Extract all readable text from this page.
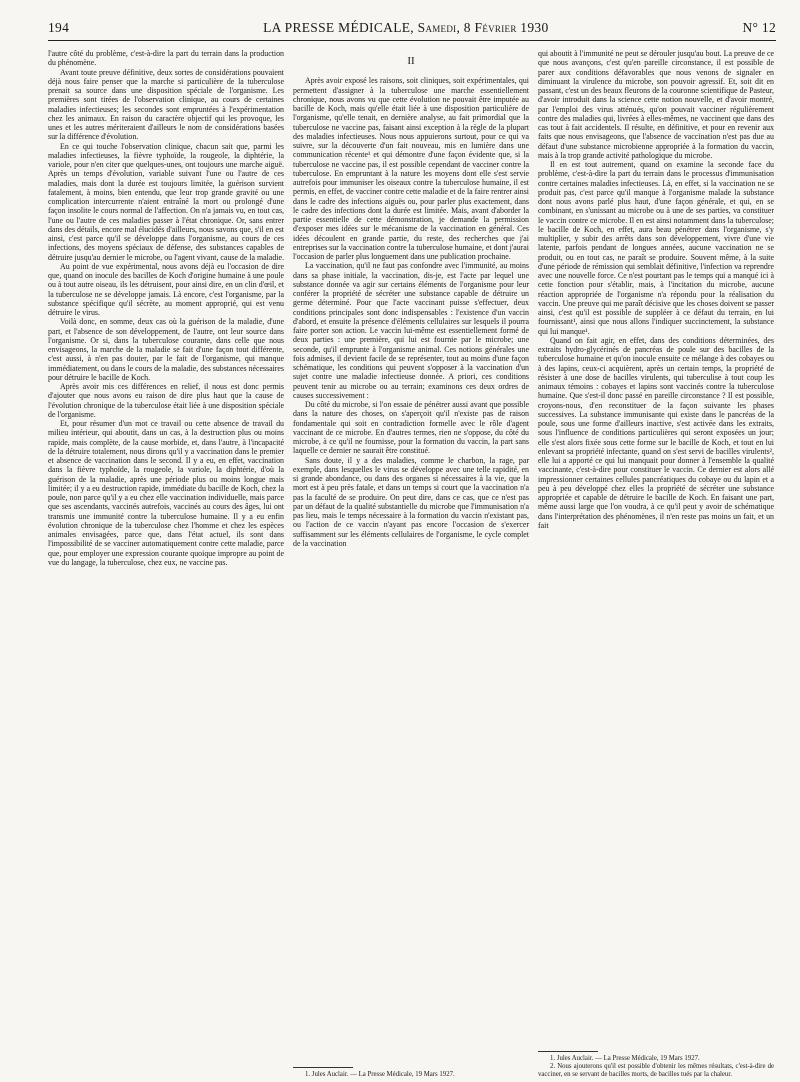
194	LA PRESSE MÉDICALE, Samedi, 8 Février 1930	N° 12

l'autre côté du problème, c'est-à-dire la part du terrain dans la production du phénomène.

Avant toute preuve définitive, deux sortes de considérations pouvaient déjà nous faire penser que la marche si particulière de la tuberculose prenait sa source dans une disposition spéciale de l'organisme. Les premières sont tirées de l'observation clinique, au cours de certaines maladies infectieuses; les secondes sont empruntées à l'expérimentation chez les animaux. En raison du caractère objectif qui les provoque, les unes et les autres mériteraient d'ailleurs le nom de considérations basées sur la différence d'évolution.

En ce qui touche l'observation clinique, chacun sait que, parmi les maladies infectieuses, la fièvre typhoïde, la rougeole, la diphtérie, la variole, pour n'en citer que quelques-unes, ont toujours une marche aiguë. Après un temps d'évolution, variable suivant l'une ou l'autre de ces maladies, mais dont la durée est toujours limitée, la guérison survient fatalement, à moins, bien entendu, que leur trop grande gravité ou une complication intercurrente n'aient entraîné la mort ou prolongé d'une façon insolite le cours normal de l'affection. On n'a jamais vu, en tout cas, l'une ou l'autre de ces maladies passer à l'état chronique. Or, sans entrer dans des détails, encore mal élucidés d'ailleurs, nous savons que, s'il en est ainsi, c'est parce qu'il se développe dans l'organisme, au cours de ces infections, des moyens spéciaux de défense, des substances capables de détruire jusqu'au dernier le microbe, ou l'agent vivant, cause de la maladie.

Au point de vue expérimental, nous avons déjà eu l'occasion de dire que, quand on inocule des bacilles de Koch d'origine humaine à une poule ou à tout autre oiseau, ils les détruisent, pour ainsi dire, en un clin d'œil, et la tuberculose ne se développe jamais. Là encore, c'est l'organisme, par la substance spécifique qu'il sécrète, au moment approprié, qui est venu détruire le virus.

Voilà donc, en somme, deux cas où la guérison de la maladie, d'une part, et l'absence de son développement, de l'autre, ont leur source dans l'organisme. Or si, dans la tuberculose courante, dans celle que nous envisageons, la marche de la maladie se fait d'une façon tout différente, c'est aussi, à n'en pas douter, par le fait de l'organisme, qui manque immédiatement, ou dans le cours de la maladie, des substances nécessaires pour détruire le bacille de Koch.

Après avoir mis ces différences en relief, il nous est donc permis d'ajouter que nous avons eu raison de dire plus haut que la cause de l'évolution chronique de la tuberculose était liée à une disposition spéciale de l'organisme.

Et, pour résumer d'un mot ce travail ou cette absence de travail du milieu intérieur, qui aboutit, dans un cas, à la destruction plus ou moins rapide, mais complète, de la cause morbide, et, dans l'autre, à l'incapacité de la détruire totalement, nous dirons qu'il y a vaccination dans le premier et absence de vaccination dans le second. Il y a eu, en effet, vaccination dans la fièvre typhoïde, la rougeole, la variole, la diphtérie, d'où la guérison de la maladie, après une période plus ou moins longue mais limitée; il y a eu destruction rapide, immédiate du bacille de Koch, chez la poule, non parce qu'il y a eu chez elle vaccination individuelle, mais parce que ses ascendants, vaccinés autrefois, vaccinés au cours des âges, lui ont transmis une immunité contre la tuberculose humaine. Il y a eu enfin évolution chronique de la tuberculose chez l'homme et chez les espèces animales envisagées, parce que, dans l'état actuel, ils sont dans l'impossibilité de se vacciner automatiquement contre cette maladie, parce que, pour employer une expression courante quoique impropre au point de vue du langage, la tuberculose, chez eux, ne vaccine pas.

II

Après avoir exposé les raisons, soit cliniques, soit expérimentales, qui permettent d'assigner à la tuberculose une marche essentiellement chronique, nous avons vu que cette évolution ne pouvait être imputée au bacille de Koch, mais qu'elle était liée à une disposition particulière de l'organisme, qu'elle tenait, en dernière analyse, au fait primordial que la tuberculose ne vaccine pas, faisant ainsi exception à la règle de la plupart des maladies infectieuses. Nous nous appuierons surtout, pour ce qui va suivre, sur la découverte d'un fait nouveau, mis en lumière dans une communication récente¹ et qui démontre d'une façon évidente que, si la tuberculose ne vaccine pas, il est possible cependant de vacciner contre la tuberculose. En empruntant à la nature les moyens dont elle s'est servie autrefois pour immuniser les oiseaux contre la tuberculose humaine, il est permis, en effet, de vacciner contre cette maladie et de la faire rentrer ainsi dans le cadre des infections aiguës ou, pour parler plus exactement, dans le cadre des infections dont la durée est limitée. Mais, avant d'aborder la partie essentielle de cette démonstration, je demande la permission d'exposer mes idées sur le mécanisme de la vaccination en général. Ces idées découlent en grande partie, du reste, des recherches que j'ai entreprises sur la vaccination contre la tuberculose humaine, et dont j'aurai l'occasion de parler plus longuement dans une publication prochaine.

La vaccination, qu'il ne faut pas confondre avec l'immunité, au moins dans sa phase initiale, la vaccination, dis-je, est l'acte par lequel une substance donnée va agir sur certains éléments de l'organisme pour leur conférer la propriété de sécréter une substance capable de détruire un germe déterminé. Pour que l'acte vaccinant puisse s'effectuer, deux conditions principales sont donc indispensables : l'existence d'un vaccin d'abord, et ensuite la présence d'éléments cellulaires sur lesquels il pourra faire porter son action. Le vaccin lui-même est essentiellement formé de deux parties : une première, qui lui est fournie par le microbe; une seconde, qu'il emprunte à l'organisme animal. Ces notions générales une fois admises, il devient facile de se représenter, tout au moins d'une façon schématique, les conditions qui peuvent s'opposer à la vaccination d'un sujet contre une maladie infectieuse donnée. A priori, ces conditions peuvent tenir au microbe ou au terrain; examinons ces deux ordres de causes successivement :

Du côté du microbe, si l'on essaie de pénétrer aussi avant que possible dans la nature des choses, on s'aperçoit qu'il n'existe pas de raison fondamentale qui soit en contradiction formelle avec le rôle d'agent vaccinant de ce microbe. En d'autres termes, rien ne s'oppose, du côté du microbe, à ce qu'il ne fournisse, pour la formation du vaccin, la part sans laquelle ce dernier ne saurait être constitué.

Sans doute, il y a des maladies, comme le charbon, la rage, par exemple, dans lesquelles le virus se développe avec une telle rapidité, en si grande abondance, ou dans des organes si nécessaires à la vie, que la mort est à peu près fatale, et dans un temps si court que la vaccination n'a pas la faculté de se produire. On peut dire, dans ce cas, que ce n'est pas par un défaut de la qualité substantielle du microbe que l'immunisation n'a pas lieu, mais le temps nécessaire à la formation du vaccin n'existant pas, ou l'action de ce vaccin n'ayant pas encore l'occasion de s'exercer suffisamment sur les éléments cellulaires de l'organisme, le cycle complet de la vaccination

1. Jules Auclair. — La Presse Médicale, 19 Mars 1927.

qui aboutit à l'immunité ne peut se dérouler jusqu'au bout. La preuve de ce que nous avançons, c'est qu'en pareille circonstance, il est possible de parer aux conditions défavorables que nous venons de signaler en diminuant la virulence du microbe, son pouvoir agressif. Et, soit dit en passant, c'est un des beaux fleurons de la couronne scientifique de Pasteur, d'avoir introduit dans la science cette notion nouvelle, et d'avoir montré, par l'emploi des virus atténués, qu'on pouvait vacciner régulièrement contre des maladies qui, livrées à elles-mêmes, ne vaccinent que dans des cas tout à fait accidentels. Il résulte, en définitive, et pour en revenir aux faits que nous envisageons, que l'absence de vaccination n'est pas due au défaut d'une substance microbienne appropriée à la formation du vaccin, mais à la trop grande activité pathologique du microbe.

Il en est tout autrement, quand on examine la seconde face du problème, c'est-à-dire la part du terrain dans le processus d'immunisation contre certaines maladies infectieuses. Là, en effet, si la vaccination ne se produit pas, c'est parce qu'il manque à l'organisme malade la substance dont nous avons parlé plus haut, d'une façon générale, et qui, en se combinant, en s'unissant au microbe ou à une de ses parties, va constituer le vaccin contre ce microbe. Il en est ainsi notamment dans la tuberculose; le bacille de Koch, en effet, aura beau pénétrer dans l'organisme, s'y multiplier, y subir des arrêts dans son développement, vivre d'une vie latente, parfois pendant de longues années, aucune vaccination ne se produit, ou en tout cas, ne paraît se produire. Souvent même, à la suite d'une période de rémission qui semblait définitive, l'infection va reprendre avec une nouvelle force. Ce n'est pourtant pas le temps qui a manqué ici à cette fonction pour s'établir, mais, à l'incitation du microbe, aucune réaction appropriée de l'organisme n'a répondu pour la réalisation du vaccin. Une preuve qui me paraît décisive que les choses doivent se passer ainsi, c'est qu'il est possible de suppléer à ce défaut du terrain, en lui fournissant¹, ainsi que nous allons l'indiquer succinctement, la substance qui lui manque¹.

Quand on fait agir, en effet, dans des conditions déterminées, des extraits hydro-glycérinés de pancréas de poule sur des bacilles de la tuberculose humaine et qu'on inocule ensuite ce mélange à des cobayes ou à des lapins, ceux-ci acquièrent, après un certain temps, la propriété de résister à une dose de bacilles virulents, qui tuberculise à tout coup les animaux témoins : cobayes et lapins sont vaccinés contre la tuberculose humaine. Que s'est-il donc passé en pareille circonstance ? Il est possible, croyons-nous, d'en reconstituer de la façon suivante les phases successives. La substance immunisante qui existe dans le pancréas de la poule, sous une forme d'ailleurs inactive, s'est activée dans les extraits, sous l'influence de conditions particulières qui seront exposées un jour; elle s'est alors fixée sous cette forme sur le bacille de Koch, et tout en lui enlevant sa propriété infectante, quand on s'est servi de bacilles virulents², elle lui a apporté ce qui lui manquait pour donner à l'ensemble la qualité vaccinante, c'est-à-dire pour constituer le vaccin. Ce dernier est alors allé impressionner certaines cellules pancréatiques du cobaye ou du lapin et a peu à peu développé chez elles la propriété de sécréter une substance appropriée et capable de détruire le bacille de Koch. En faisant une part, même aussi large que l'on voudra, à ce qu'il peut y avoir de schématique dans l'interprétation des phénomènes, il n'en reste pas moins un fait, et un fait

1. Jules Auclair. — La Presse Médicale, 19 Mars 1927.

2. Nous ajouterons qu'il est possible d'obtenir les mêmes résultats, c'est-à-dire de vacciner, en se servant de bacilles morts, de bacilles tués par la chaleur.
